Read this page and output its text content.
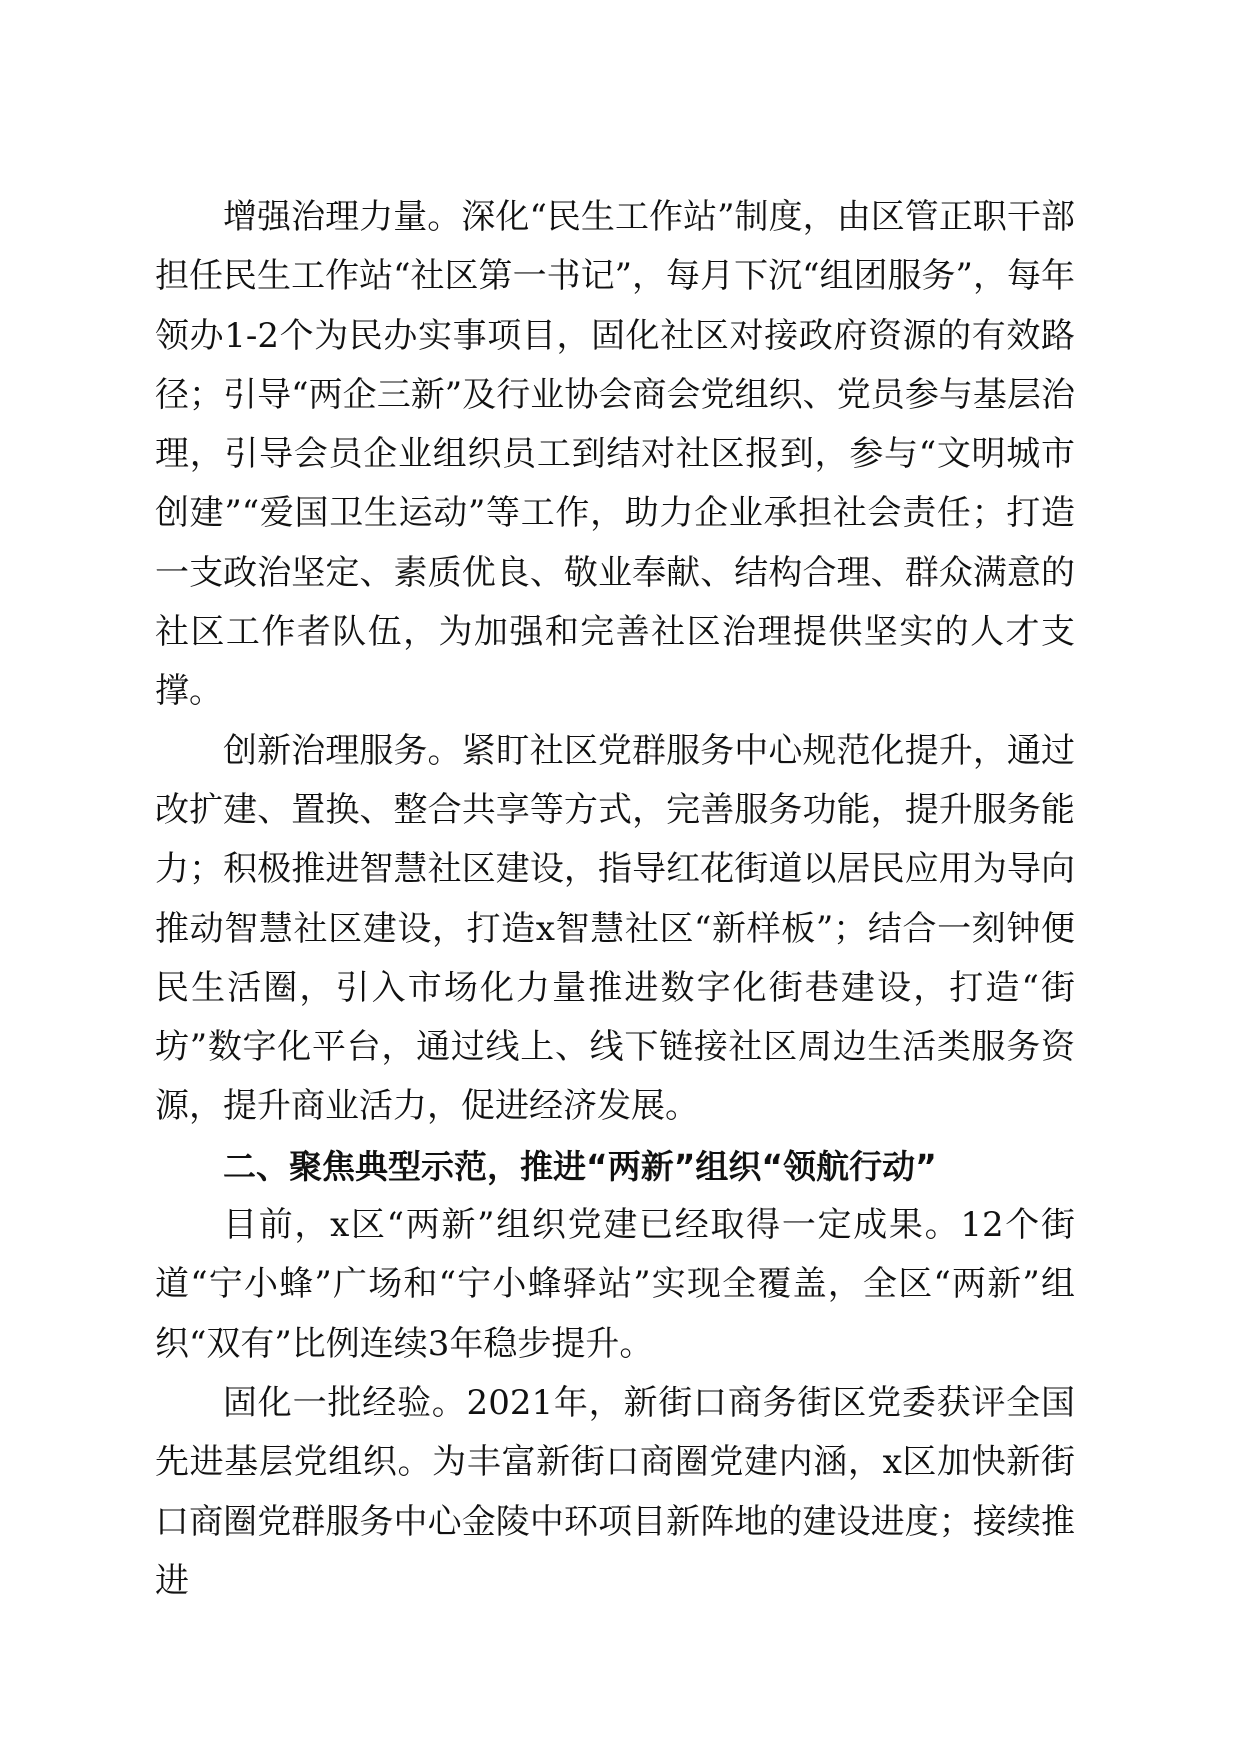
增强治理力量。深化“民生工作站”制度，由区管正职干部担任民生工作站“社区第一书记”，每月下沉“组团服务”，每年领办1-2个为民办实事项目，固化社区对接政府资源的有效路径；引导“两企三新”及行业协会商会党组织、党员参与基层治理，引导会员企业组织员工到结对社区报到，参与“文明城市创建”“爱国卫生运动”等工作，助力企业承担社会责任；打造一支政治坚定、素质优良、敬业奉献、结构合理、群众满意的社区工作者队伍，为加强和完善社区治理提供坚实的人才支撑。

创新治理服务。紧盯社区党群服务中心规范化提升，通过改扩建、置换、整合共享等方式，完善服务功能，提升服务能力；积极推进智慧社区建设，指导红花街道以居民应用为导向推动智慧社区建设，打造x智慧社区“新样板”；结合一刻钟便民生活圈，引入市场化力量推进数字化街巷建设，打造“街坊”数字化平台，通过线上、线下链接社区周边生活类服务资源，提升商业活力，促进经济发展。

二、聚焦典型示范，推进“两新”组织“领航行动”

目前，x区“两新”组织党建已经取得一定成果。12个街道“宁小蜂”广场和“宁小蜂驿站”实现全覆盖，全区“两新”组织“双有”比例连续3年稳步提升。

固化一批经验。2021年，新街口商务街区党委获评全国先进基层党组织。为丰富新街口商圈党建内涵，x区加快新街口商圈党群服务中心金陵中环项目新阵地的建设进度；接续推进
